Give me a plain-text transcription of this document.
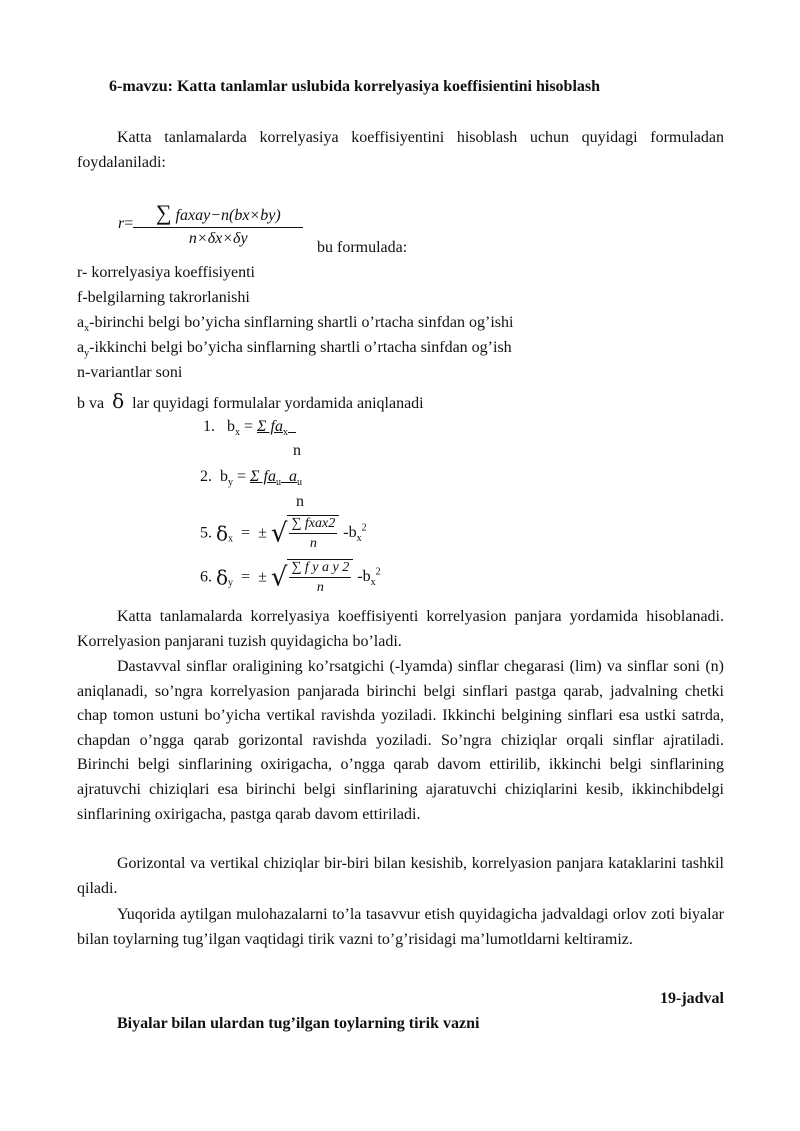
6-mavzu: Katta tanlamlar uslubida korrelyasiya koeffisientini hisoblash
Katta tanlamalarda korrelyasiya koeffisiyentini hisoblash uchun quyidagi formuladan foydalaniladi:
$r= \frac{\text{∑ faxay−n(bx×by)}}{n\times\delta x\times\delta y}$ bu formulada:
r- korrelyasiya koeffisiyenti
f-belgilarning takrorlanishi
$a_x$-birinchi belgi bo’yicha sinflarning shartli o’rtacha sinfdan og’ishi
$a_y$-ikkinchi belgi bo’yicha sinflarning shartli o’rtacha sinfdan og’ish
n-variantlar soni
b va δ lar quyidagi formulalar yordamida aniqlanadi
1. $b_x = \Sigma$ $fa_x$
n
2. $b_y = \Sigma$ $fa_u$ $a_u$
n
5. $\delta_x$ = ± √ $\frac{\text{∑ fxax2}}{n} -b_x^2$
6. $\delta_y$ = ± √ $\frac{\text{∑ f y a y 2}}{n} -b_x^2$
Katta tanlamalarda korrelyasiya koeffisiyenti korrelyasion panjara yordamida hisoblanadi. Korrelyasion panjarani tuzish quyidagicha bo’ladi.
Dastavval sinflar oraligining ko’rsatgichi (-lyamda) sinflar chegarasi (lim) va sinflar soni (n) aniqlanadi, so’ngra korrelyasion panjarada birinchi belgi sinflari pastga qarab, jadvalning chetki chap tomon ustuni bo’yicha vertikal ravishda yoziladi. Ikkinchi belgining sinflari esa ustki satrda, chapdan o’ngga qarab gorizontal ravishda yoziladi. So’ngra chiziqlar orqali sinflar ajratiladi. Birinchi belgi sinflarining oxirigacha, o’ngga qarab davom ettirilib, ikkinchi belgi sinflarining ajratuvchi chiziqlari esa birinchi belgi sinflarining ajaratuvchi chiziqlarini kesib, ikkinchibdelgi sinflarining oxirigacha, pastga qarab davom ettiriladi.
Gorizontal va vertikal chiziqlar bir-biri bilan kesishib, korrelyasion panjara kataklarini tashkil qiladi.
Yuqorida aytilgan mulohazalarni to’la tasavvur etish quyidagicha jadvaldagi orlov zoti biyalar bilan toylarning tug’ilgan vaqtidagi tirik vazni to’g’risidagi ma’lumotldarni keltiramiz.
19-jadval
Biyalar bilan ulardan tug’ilgan toylarning tirik vazni
